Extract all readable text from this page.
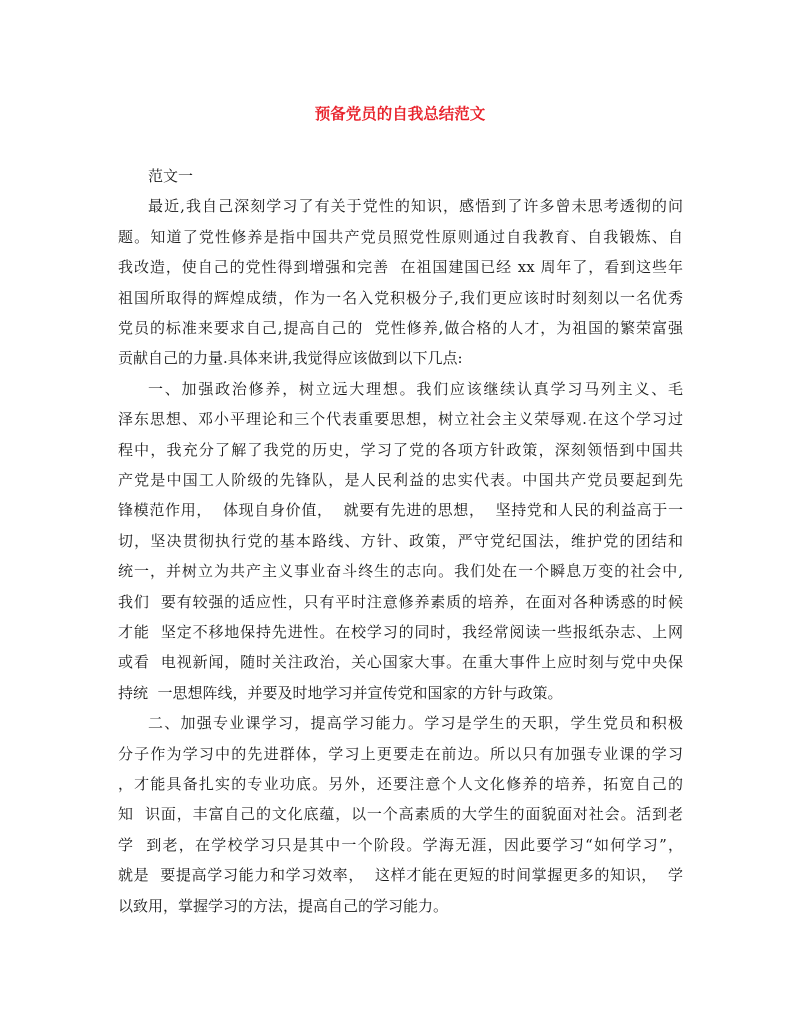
预备党员的自我总结范文
范文一
最近,我自己深刻学习了有关于党性的知识，感悟到了许多曾未思考透彻的问
题。知道了党性修养是指中国共产党员照党性原则通过自我教育、自我锻炼、自
我改造，使自己的党性得到增强和完善  在祖国建国已经 xx 周年了，看到这些年
祖国所取得的辉煌成绩，作为一名入党积极分子,我们更应该时时刻刻以一名优秀
党员的标准来要求自己,提高自己的  党性修养,做合格的人才，为祖国的繁荣富强
贡献自己的力量.具体来讲,我觉得应该做到以下几点:
一、加强政治修养，树立远大理想。我们应该继续认真学习马列主义、毛
泽东思想、邓小平理论和三个代表重要思想，树立社会主义荣辱观.在这个学习过
程中，我充分了解了我党的历史，学习了党的各项方针政策，深刻领悟到中国共
产党是中国工人阶级的先锋队，是人民利益的忠实代表。中国共产党员要起到先
锋模范作用，  体现自身价值，  就要有先进的思想，  坚持党和人民的利益高于一
切，坚决贯彻执行党的基本路线、方针、政策，严守党纪国法，维护党的团结和
统一，并树立为共产主义事业奋斗终生的志向。我们处在一个瞬息万变的社会中,
我们  要有较强的适应性，只有平时注意修养素质的培养，在面对各种诱惑的时候
才能  坚定不移地保持先进性。在校学习的同时，我经常阅读一些报纸杂志、上网
或看  电视新闻，随时关注政治，关心国家大事。在重大事件上应时刻与党中央保
持统  一思想阵线，并要及时地学习并宣传党和国家的方针与政策。
二、加强专业课学习，提高学习能力。学习是学生的天职，学生党员和积极
分子作为学习中的先进群体，学习上更要走在前边。所以只有加强专业课的学习
，才能具备扎实的专业功底。另外，还要注意个人文化修养的培养，拓宽自己的
知  识面，丰富自己的文化底蕴，以一个高素质的大学生的面貌面对社会。活到老
学  到老，在学校学习只是其中一个阶段。学海无涯，因此要学习“如何学习”，
就是  要提高学习能力和学习效率，  这样才能在更短的时间掌握更多的知识，  学
以致用，掌握学习的方法，提高自己的学习能力。
